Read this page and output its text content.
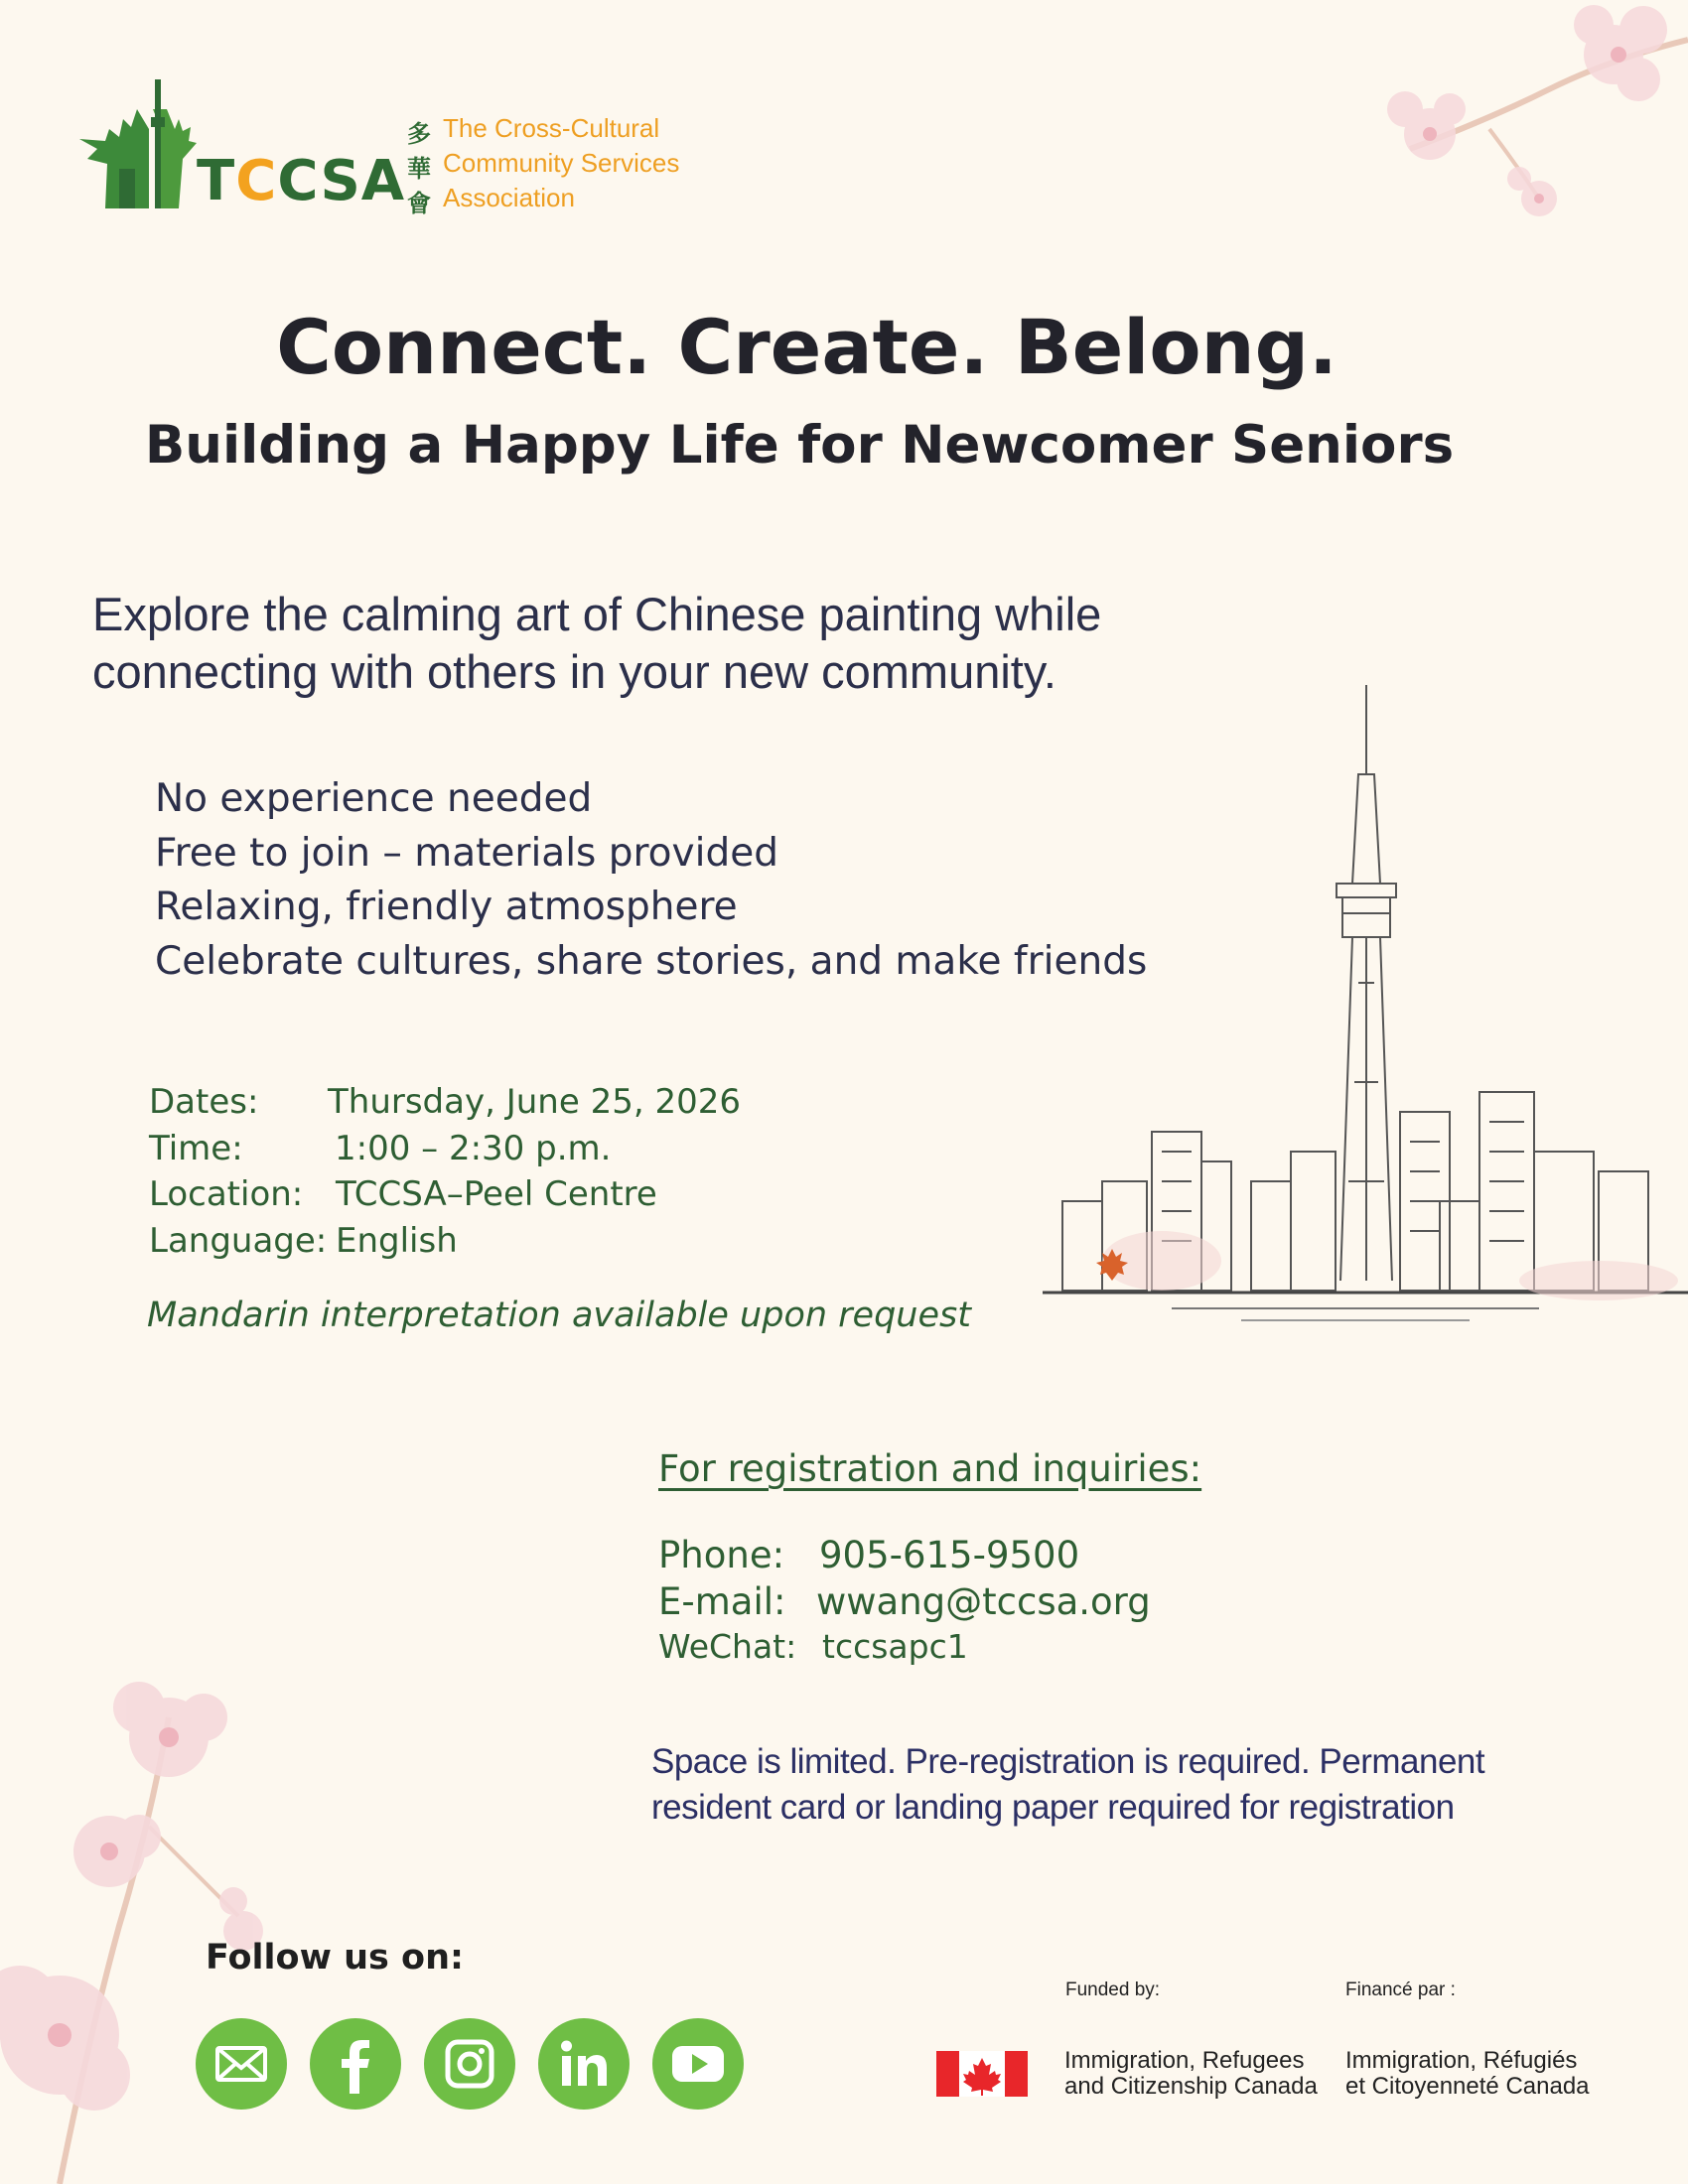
TCCSA
多
華
會
The Cross-Cultural
Community Services
Association
Connect. Create. Belong.
Building a Happy Life for Newcomer Seniors
Explore the calming art of Chinese painting while
connecting with others in your new community.
No experience needed
Free to join – materials provided
Relaxing, friendly atmosphere
Celebrate cultures, share stories, and make friends
Dates: Thursday, June 25, 2026
Time:	1:00 – 2:30 p.m.
Location: TCCSA–Peel Centre
Language: English
Mandarin interpretation available upon request
For registration and inquiries:
Phone: 905-615-9500
E-mail: wwang@tccsa.org
WeChat: tccsapc1
Space is limited. Pre-registration is required. Permanent
resident card or landing paper required for registration
Follow us on:
Funded by:	Financé par :
Immigration, Refugees
and Citizenship Canada
Immigration, Réfugiés
et Citoyenneté Canada
